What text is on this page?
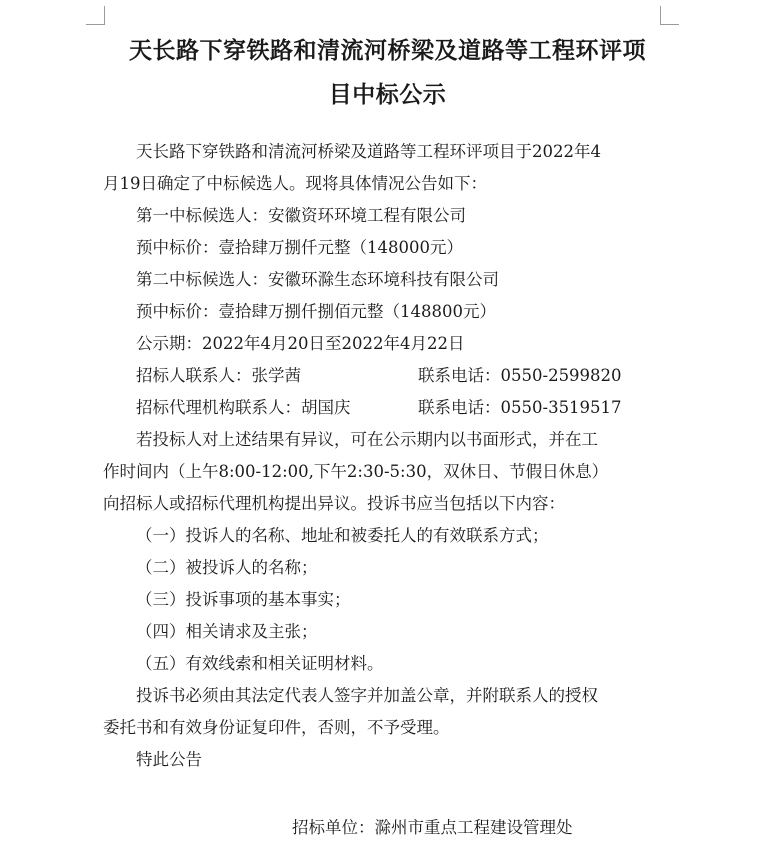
天长路下穿铁路和清流河桥梁及道路等工程环评项
目中标公示

天长路下穿铁路和清流河桥梁及道路等工程环评项目于2022年4

月19日确定了中标候选人。现将具体情况公告如下：

第一中标候选人：安徽资环环境工程有限公司

预中标价：壹拾肆万捌仟元整（148000元）

第二中标候选人：安徽环滁生态环境科技有限公司

预中标价：壹拾肆万捌仟捌佰元整（148800元）

公示期：2022年4月20日至2022年4月22日

招标人联系人：张学茜	联系电话：0550-2599820

招标代理机构联系人：胡国庆	联系电话：0550-3519517

若投标人对上述结果有异议，可在公示期内以书面形式，并在工

作时间内（上午8:00-12:00,下午2:30-5:30，双休日、节假日休息）

向招标人或招标代理机构提出异议。投诉书应当包括以下内容：

（一）投诉人的名称、地址和被委托人的有效联系方式；

（二）被投诉人的名称；

（三）投诉事项的基本事实；

（四）相关请求及主张；

（五）有效线索和相关证明材料。

投诉书必须由其法定代表人签字并加盖公章，并附联系人的授权

委托书和有效身份证复印件，否则，不予受理。

特此公告

招标单位：滁州市重点工程建设管理处
